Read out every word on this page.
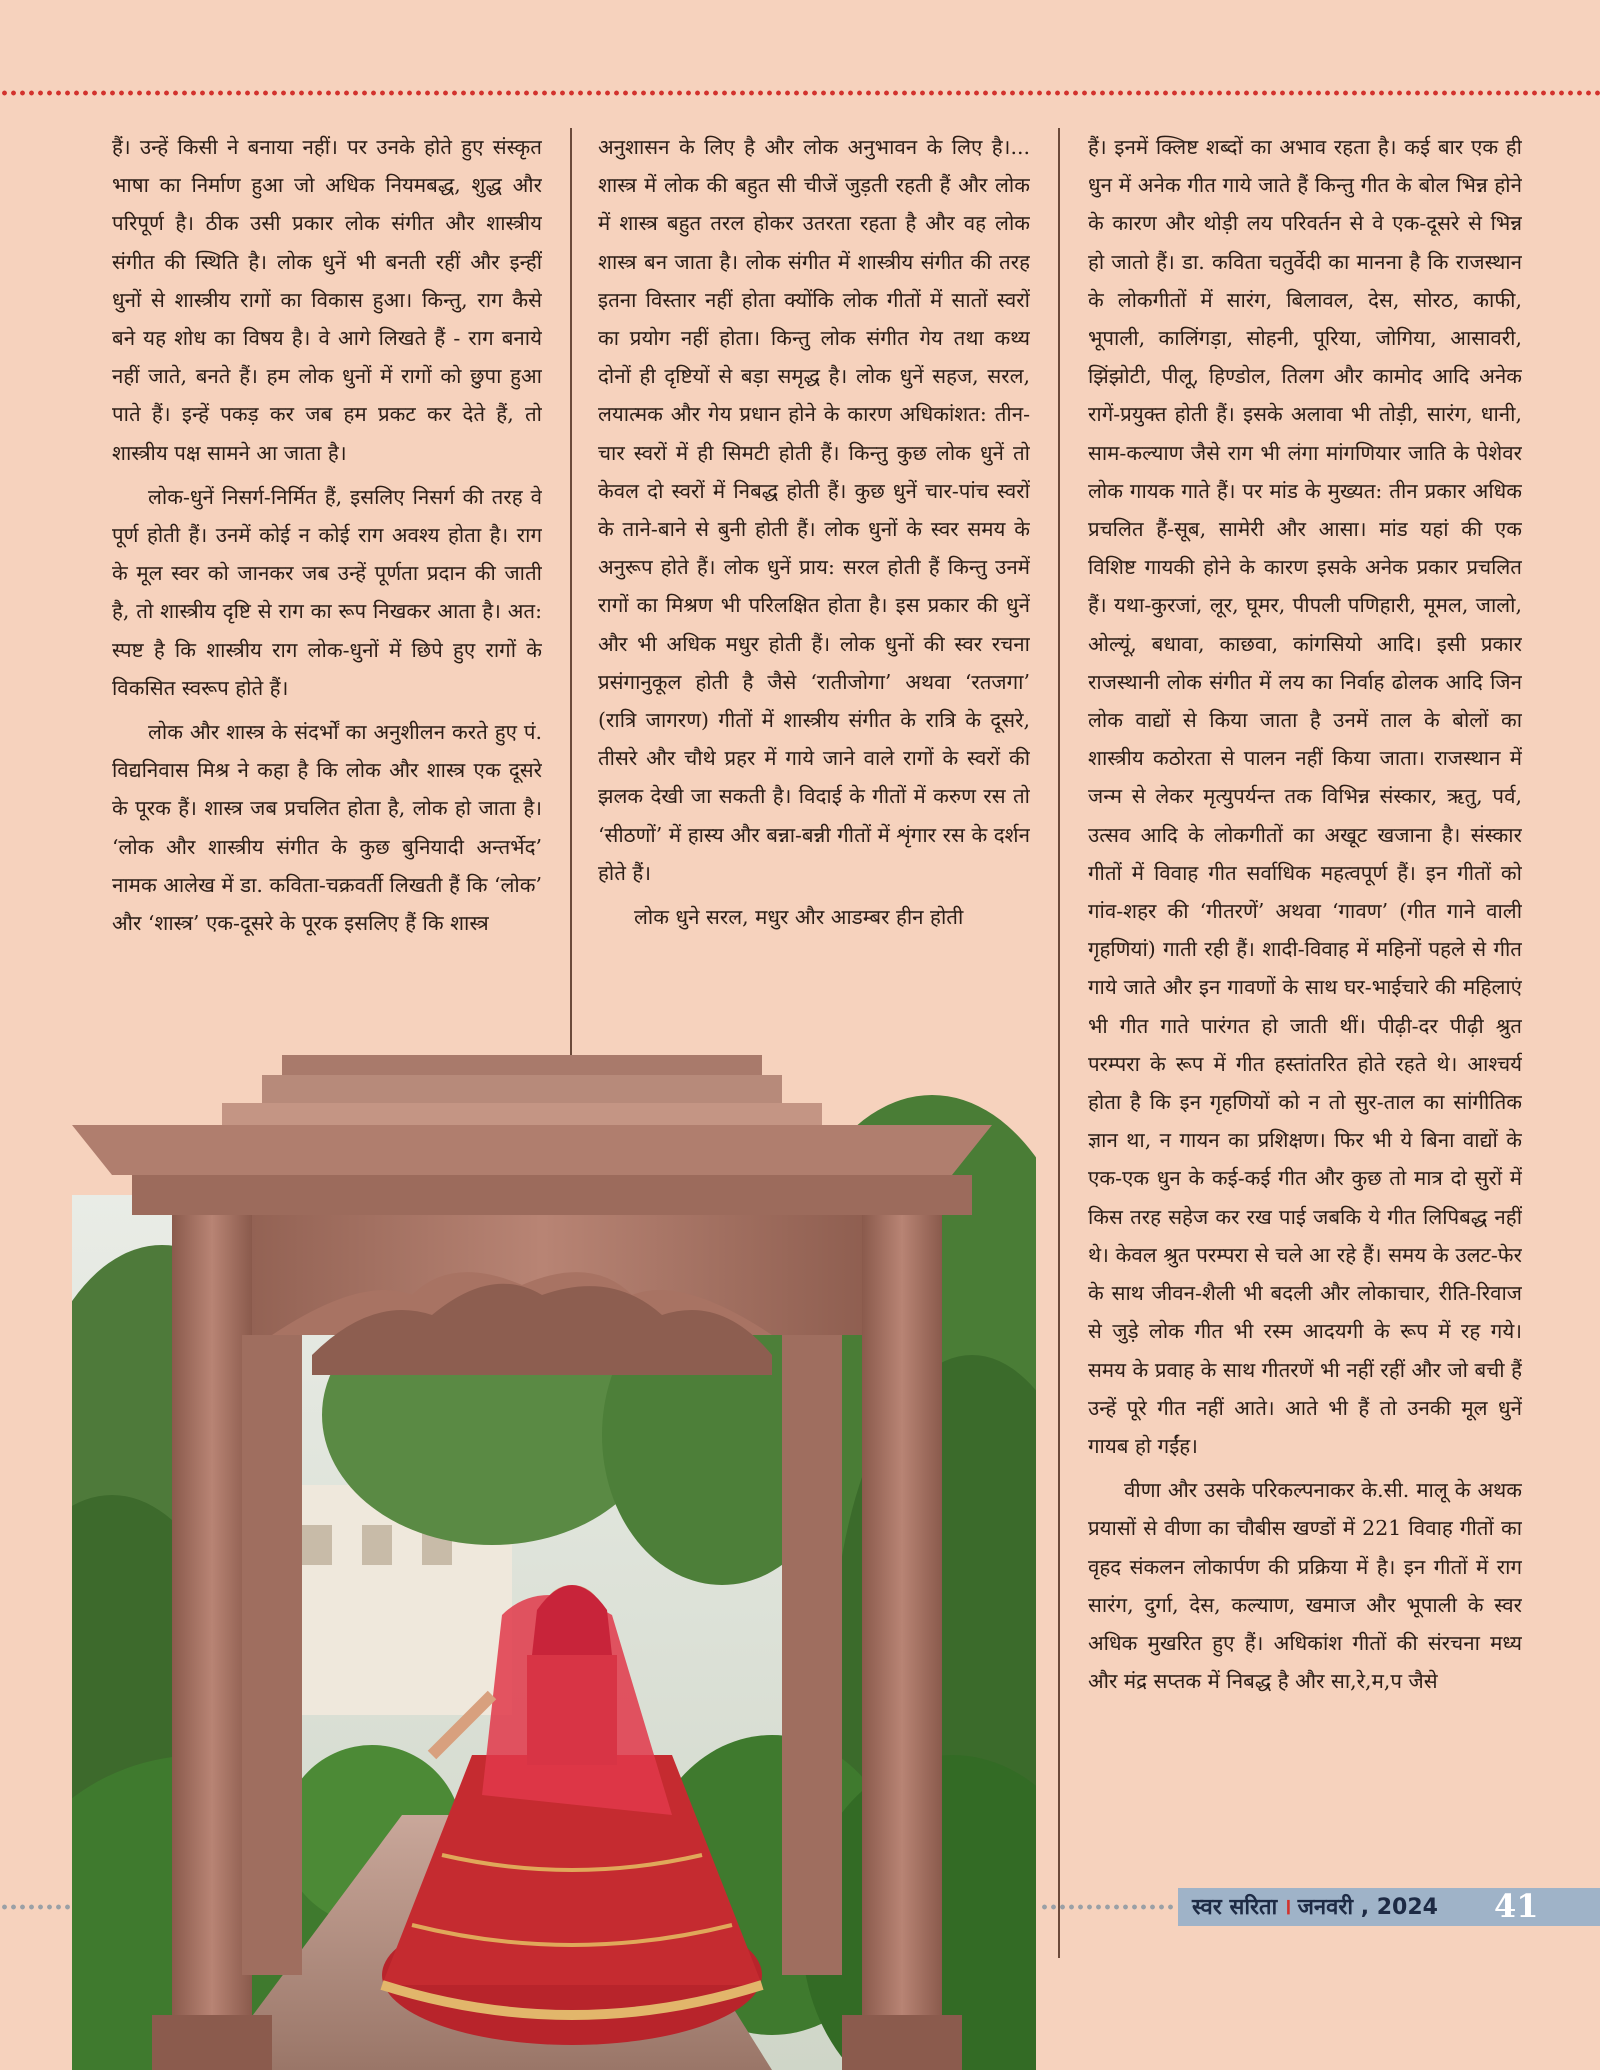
हैं। उन्हें किसी ने बनाया नहीं। पर उनके होते हुए संस्कृत भाषा का निर्माण हुआ जो अधिक नियमबद्ध, शुद्ध और परिपूर्ण है। ठीक उसी प्रकार लोक संगीत और शास्त्रीय संगीत की स्थिति है। लोक धुनें भी बनती रहीं और इन्हीं धुनों से शास्त्रीय रागों का विकास हुआ। किन्तु, राग कैसे बने यह शोध का विषय है। वे आगे लिखते हैं - राग बनाये नहीं जाते, बनते हैं। हम लोक धुनों में रागों को छुपा हुआ पाते हैं। इन्हें पकड़ कर जब हम प्रकट कर देते हैं, तो शास्त्रीय पक्ष सामने आ जाता है।

लोक-धुनें निसर्ग-निर्मित हैं, इसलिए निसर्ग की तरह वे पूर्ण होती हैं। उनमें कोई न कोई राग अवश्य होता है। राग के मूल स्वर को जानकर जब उन्हें पूर्णता प्रदान की जाती है, तो शास्त्रीय दृष्टि से राग का रूप निखकर आता है। अत: स्पष्ट है कि शास्त्रीय राग लोक-धुनों में छिपे हुए रागों के विकसित स्वरूप होते हैं।

लोक और शास्त्र के संदर्भों का अनुशीलन करते हुए पं. विद्यनिवास मिश्र ने कहा है कि लोक और शास्त्र एक दूसरे के पूरक हैं। शास्त्र जब प्रचलित होता है, लोक हो जाता है। ‘लोक और शास्त्रीय संगीत के कुछ बुनियादी अन्तर्भेद’ नामक आलेख में डा. कविता-चक्रवर्ती लिखती हैं कि ‘लोक’ और ‘शास्त्र’ एक-दूसरे के पूरक इसलिए हैं कि शास्त्र

अनुशासन के लिए है और लोक अनुभावन के लिए है।... शास्त्र में लोक की बहुत सी चीजें जुड़ती रहती हैं और लोक में शास्त्र बहुत तरल होकर उतरता रहता है और वह लोक शास्त्र बन जाता है। लोक संगीत में शास्त्रीय संगीत की तरह इतना विस्तार नहीं होता क्योंकि लोक गीतों में सातों स्वरों का प्रयोग नहीं होता। किन्तु लोक संगीत गेय तथा कथ्य दोनों ही दृष्टियों से बड़ा समृद्ध है। लोक धुनें सहज, सरल, लयात्मक और गेय प्रधान होने के कारण अधिकांशत: तीन-चार स्वरों में ही सिमटी होती हैं। किन्तु कुछ लोक धुनें तो केवल दो स्वरों में निबद्ध होती हैं। कुछ धुनें चार-पांच स्वरों के ताने-बाने से बुनी होती हैं। लोक धुनों के स्वर समय के अनुरूप होते हैं। लोक धुनें प्राय: सरल होती हैं किन्तु उनमें रागों का मिश्रण भी परिलक्षित होता है। इस प्रकार की धुनें और भी अधिक मधुर होती हैं। लोक धुनों की स्वर रचना प्रसंगानुकूल होती है जैसे ‘रातीजोगा’ अथवा ‘रतजगा’ (रात्रि जागरण) गीतों में शास्त्रीय संगीत के रात्रि के दूसरे, तीसरे और चौथे प्रहर में गाये जाने वाले रागों के स्वरों की झलक देखी जा सकती है। विदाई के गीतों में करुण रस तो ‘सीठणों’ में हास्य और बन्ना-बन्नी गीतों में शृंगार रस के दर्शन होते हैं।

लोक धुने सरल, मधुर और आडम्बर हीन होती

हैं। इनमें क्लिष्ट शब्दों का अभाव रहता है। कई बार एक ही धुन में अनेक गीत गाये जाते हैं किन्तु गीत के बोल भिन्न होने के कारण और थोड़ी लय परिवर्तन से वे एक-दूसरे से भिन्न हो जातो हैं। डा. कविता चतुर्वेदी का मानना है कि राजस्थान के लोकगीतों में सारंग, बिलावल, देस, सोरठ, काफी, भूपाली, कालिंगड़ा, सोहनी, पूरिया, जोगिया, आसावरी, झिंझोटी, पीलू, हिण्डोल, तिलग और कामोद आदि अनेक रागें-प्रयुक्त होती हैं। इसके अलावा भी तोड़ी, सारंग, धानी, साम-कल्याण जैसे राग भी लंगा मांगणियार जाति के पेशेवर लोक गायक गाते हैं। पर मांड के मुख्यत: तीन प्रकार अधिक प्रचलित हैं-सूब, सामेरी और आसा। मांड यहां की एक विशिष्ट गायकी होने के कारण इसके अनेक प्रकार प्रचलित हैं। यथा-कुरजां, लूर, घूमर, पीपली पणिहारी, मूमल, जालो, ओल्यूं, बधावा, काछवा, कांगसियो आदि। इसी प्रकार राजस्थानी लोक संगीत में लय का निर्वाह ढोलक आदि जिन लोक वाद्यों से किया जाता है उनमें ताल के बोलों का शास्त्रीय कठोरता से पालन नहीं किया जाता। राजस्थान में जन्म से लेकर मृत्युपर्यन्त तक विभिन्न संस्कार, ऋतु, पर्व, उत्सव आदि के लोकगीतों का अखूट खजाना है। संस्कार गीतों में विवाह गीत सर्वाधिक महत्वपूर्ण हैं। इन गीतों को गांव-शहर की ‘गीतरणें’ अथवा ‘गावण’ (गीत गाने वाली गृहणियां) गाती रही हैं। शादी-विवाह में महिनों पहले से गीत गाये जाते और इन गावणों के साथ घर-भाईचारे की महिलाएं भी गीत गाते पारंगत हो जाती थीं। पीढ़ी-दर पीढ़ी श्रुत परम्परा के रूप में गीत हस्तांतरित होते रहते थे। आश्चर्य होता है कि इन गृहणियों को न तो सुर-ताल का सांगीतिक ज्ञान था, न गायन का प्रशिक्षण। फिर भी ये बिना वाद्यों के एक-एक धुन के कई-कई गीत और कुछ तो मात्र दो सुरों में किस तरह सहेज कर रख पाई जबकि ये गीत लिपिबद्ध नहीं थे। केवल श्रुत परम्परा से चले आ रहे हैं। समय के उलट-फेर के साथ जीवन-शैली भी बदली और लोकाचार, रीति-रिवाज से जुड़े लोक गीत भी रस्म आदयगी के रूप में रह गये। समय के प्रवाह के साथ गीतरणें भी नहीं रहीं और जो बची हैं उन्हें पूरे गीत नहीं आते। आते भी हैं तो उनकी मूल धुनें गायब हो गईंह।

वीणा और उसके परिकल्पनाकर के.सी. मालू के अथक प्रयासों से वीणा का चौबीस खण्डों में 221 विवाह गीतों का वृहद संकलन लोकार्पण की प्रक्रिया में है। इन गीतों में राग सारंग, दुर्गा, देस, कल्याण, खमाज और भूपाली के स्वर अधिक मुखरित हुए हैं। अधिकांश गीतों की संरचना मध्य और मंद्र सप्तक में निबद्ध है और सा,रे,म,प जैसे

स्वर सरिता । जनवरी , 2024 41
